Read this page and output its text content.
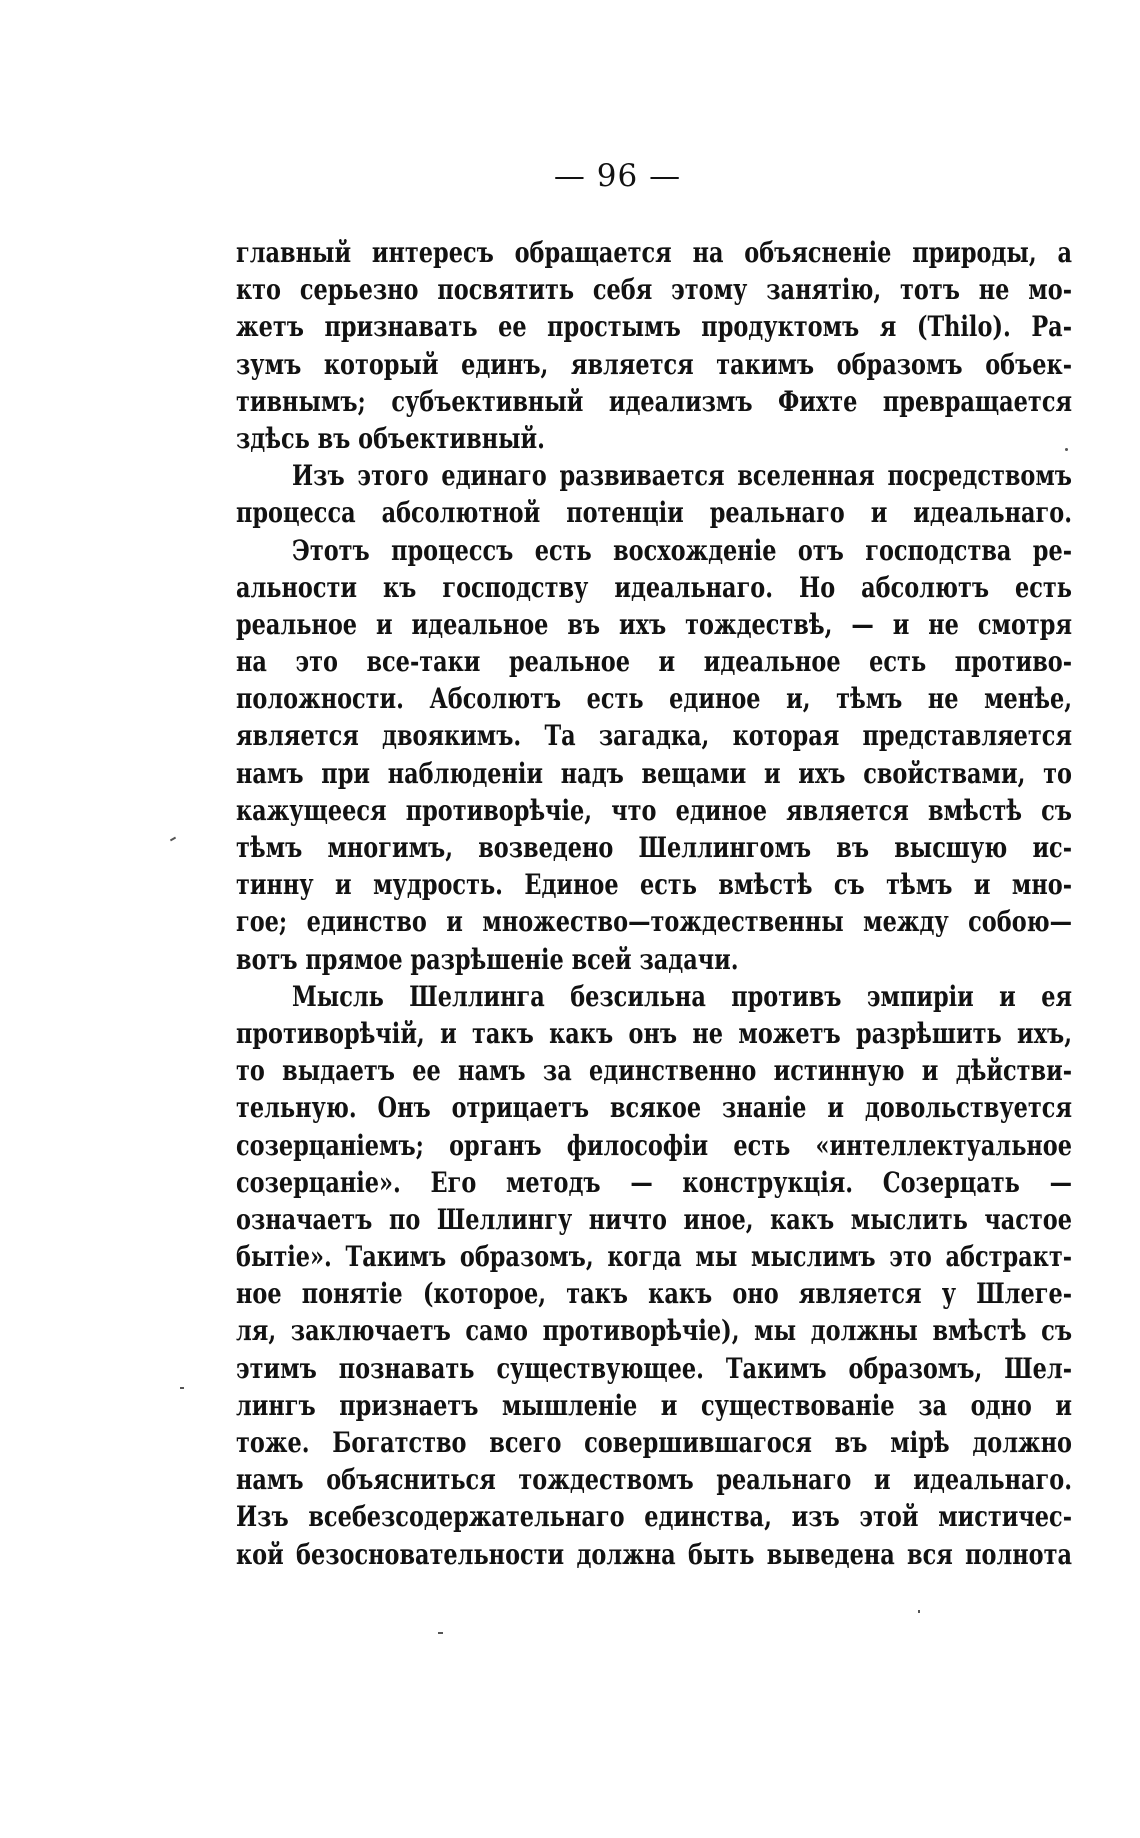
— 96 —
главный интересъ обращается на объясненіе природы, а
кто серьезно посвятить себя этому занятію, тотъ не мо-
жетъ признавать ее простымъ продуктомъ я (Thilo). Ра-
зумъ который единъ, является такимъ образомъ объек-
тивнымъ; субъективный идеализмъ Фихте превращается
здѣсь въ объективный.
Изъ этого единаго развивается вселенная посредствомъ
процесса абсолютной потенціи реальнаго и идеальнаго.
Этотъ процессъ есть восхожденіе отъ господства ре-
альности къ господству идеальнаго. Но абсолютъ есть
реальное и идеальное въ ихъ тождествѣ, — и не смотря
на это все-таки реальное и идеальное есть противо-
положности. Абсолютъ есть единое и, тѣмъ не менѣе,
является двоякимъ. Та загадка, которая представляется
намъ при наблюденіи надъ вещами и ихъ свойствами, то
кажущееся противорѣчіе, что единое является вмѣстѣ съ
тѣмъ многимъ, возведено Шеллингомъ въ высшую ис-
тинну и мудрость. Единое есть вмѣстѣ съ тѣмъ и мно-
гое; единство и множество—тождественны между собою—
вотъ прямое разрѣшеніе всей задачи.
Мысль Шеллинга безсильна противъ эмпиріи и ея
противорѣчій, и такъ какъ онъ не можетъ разрѣшить ихъ,
то выдаетъ ее намъ за единственно истинную и дѣйстви-
тельную. Онъ отрицаетъ всякое знаніе и довольствуется
созерцаніемъ; органъ философіи есть «интеллектуальное
созерцаніе». Его методъ — конструкція. Созерцать —
означаетъ по Шеллингу ничто иное, какъ мыслить частое
бытіе». Такимъ образомъ, когда мы мыслимъ это абстракт-
ное понятіе (которое, такъ какъ оно является у Шлеге-
ля, заключаетъ само противорѣчіе), мы должны вмѣстѣ съ
этимъ познавать существующее. Такимъ образомъ, Шел-
лингъ признаетъ мышленіе и существованіе за одно и
тоже. Богатство всего совершившагося въ мірѣ должно
намъ объясниться тождествомъ реальнаго и идеальнаго.
Изъ всебезсодержательнаго единства, изъ этой мистичес-
кой безосновательности должна быть выведена вся полнота
